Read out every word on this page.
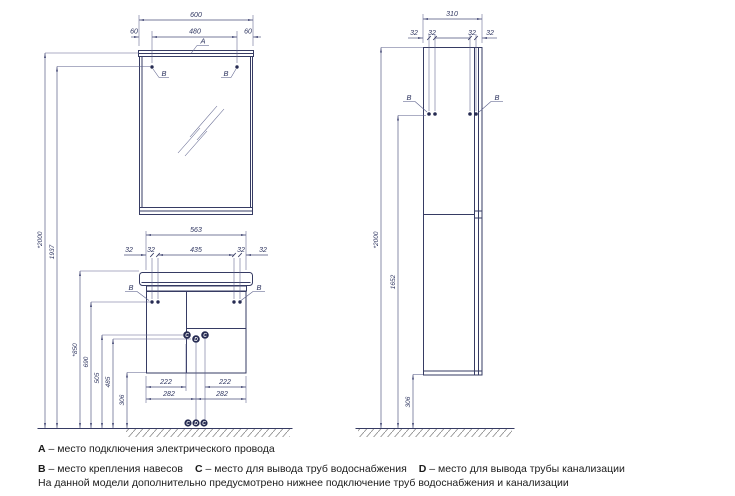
600
60	480	60
A
B	B
*2000
1937
*850
690
505 485
306
563
32 32	435	32 32
B	B
222	222
282	282
C
D
C
C D C
310
32 32	32 32
B	B
*2000
1652
306
A – место подключения электрического провода
B – место крепления навесов C – место для вывода труб водоснабжения D – место для вывода трубы канализации
На данной модели дополнительно предусмотрено нижнее подключение труб водоснабжения и канализации
